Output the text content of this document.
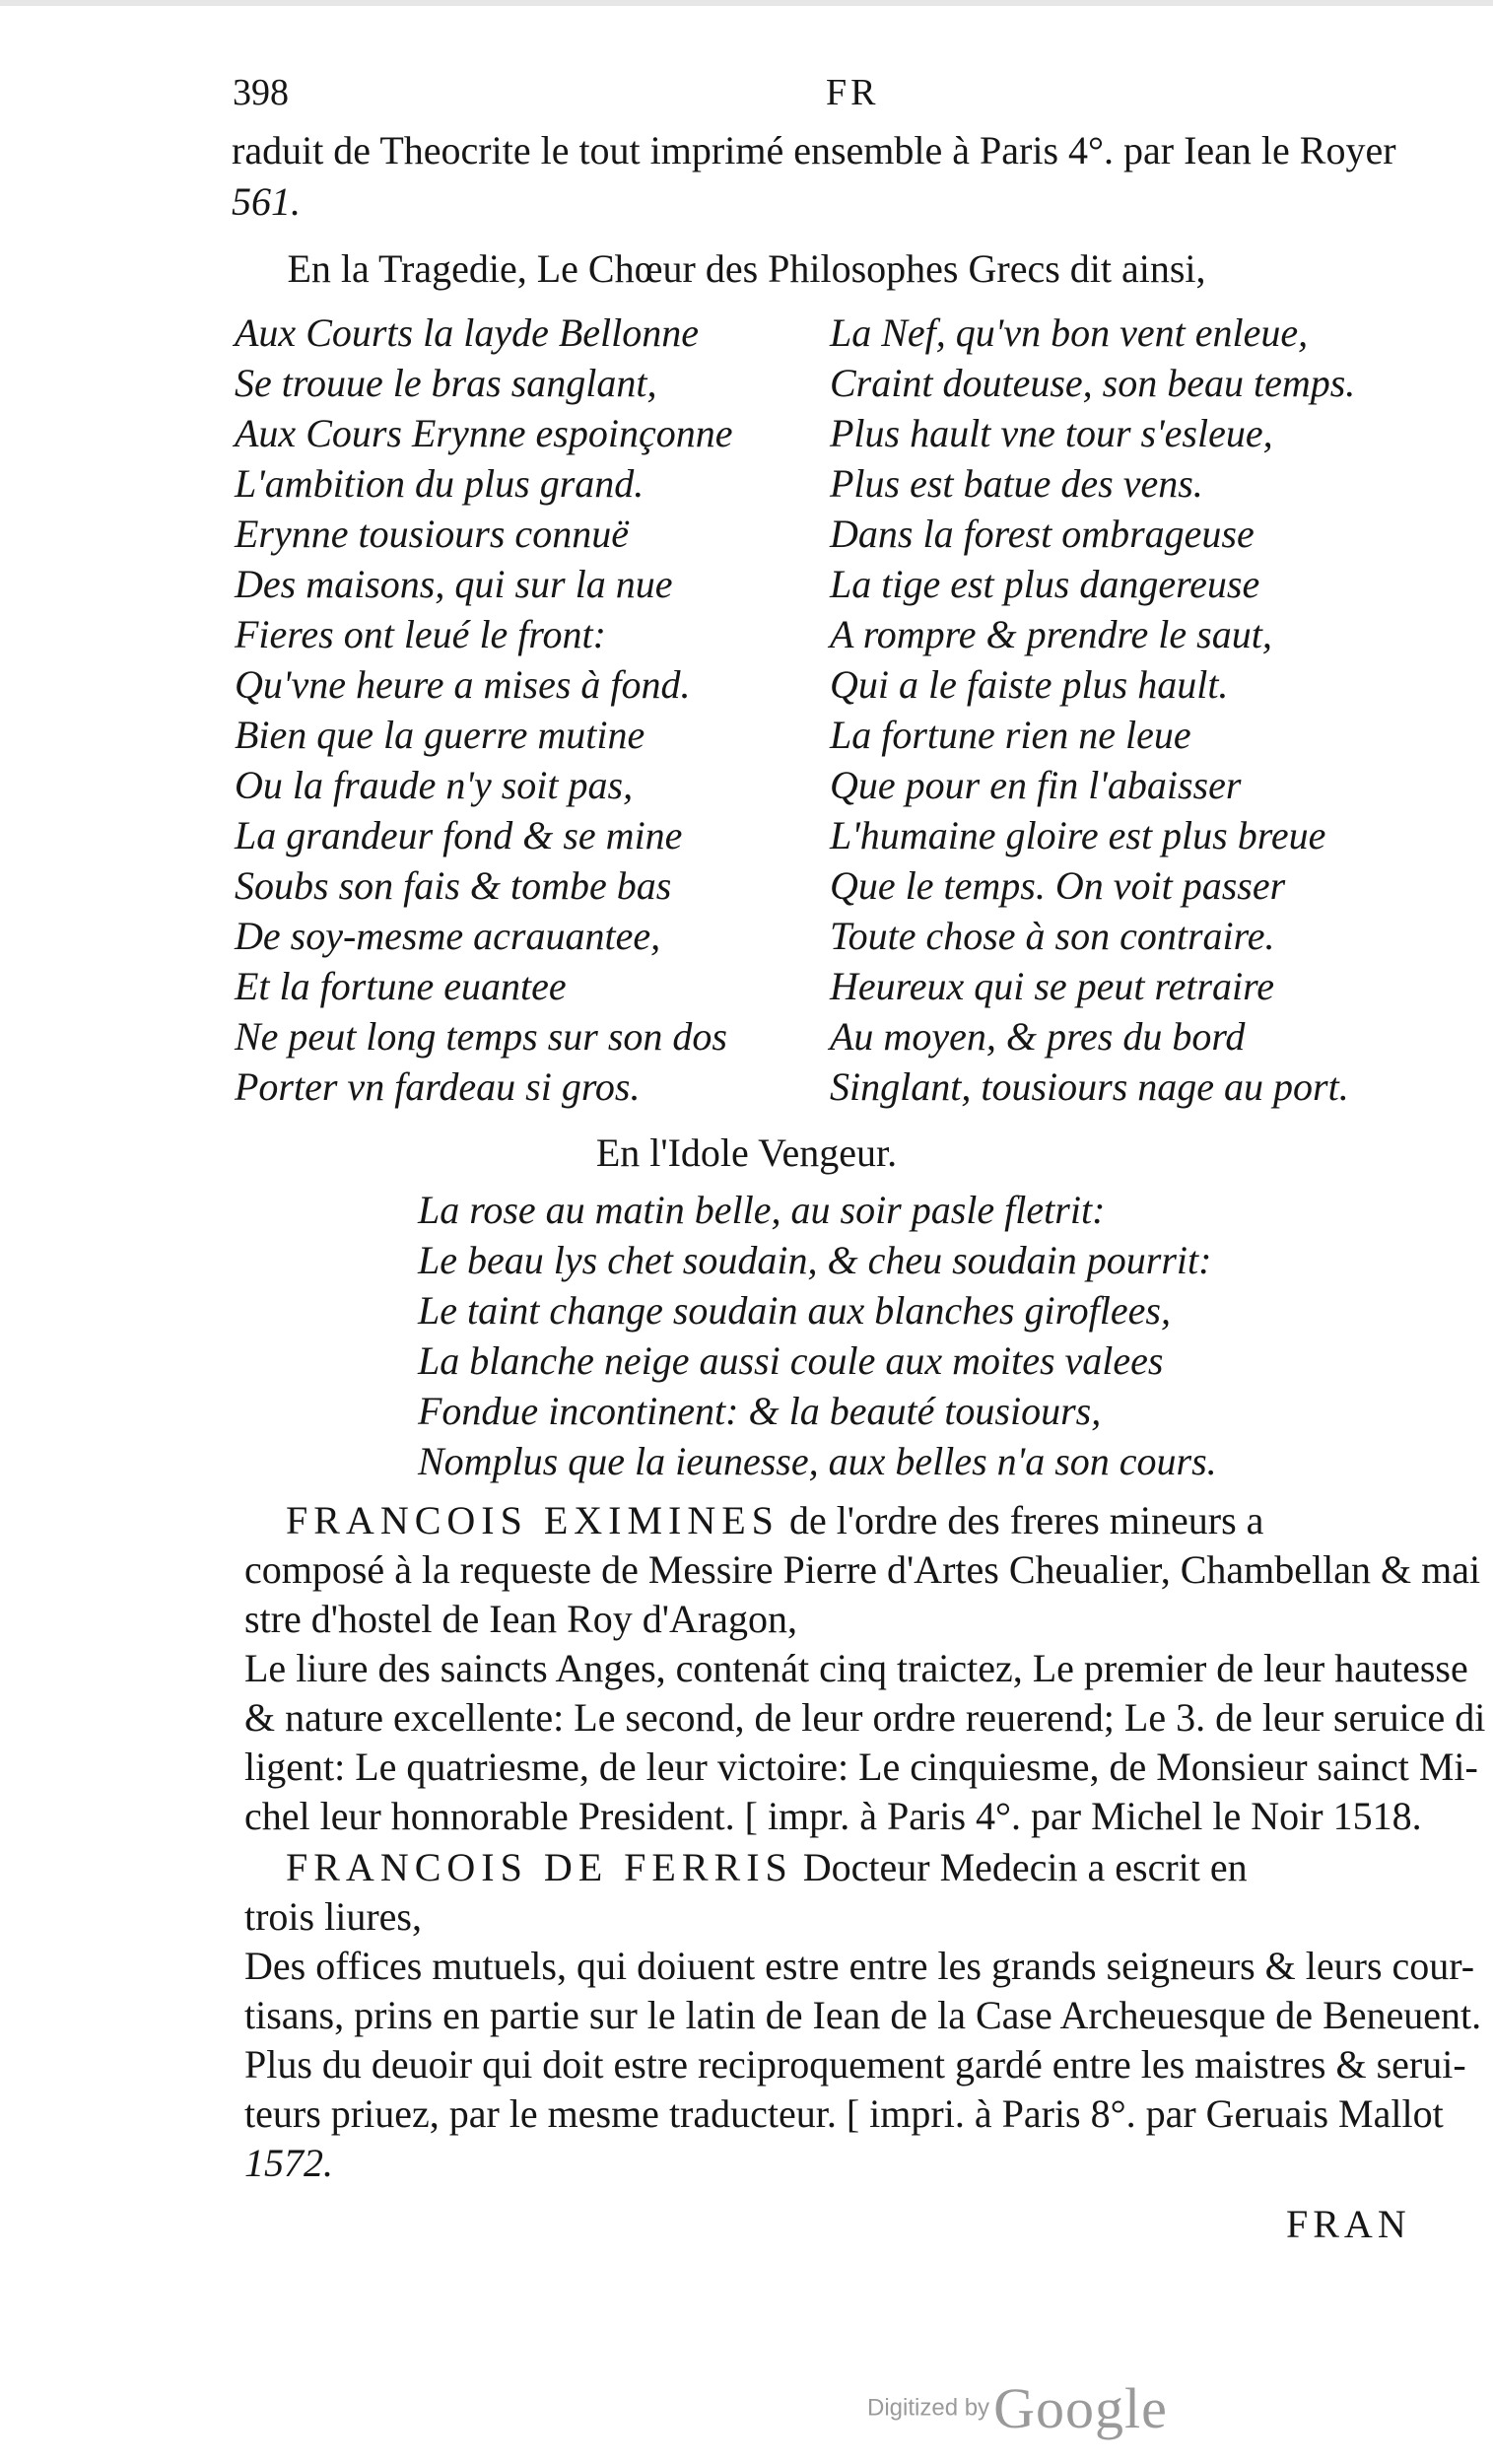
398	FR
raduit de Theocrite le tout imprimé ensemble à Paris 4°. par Iean le Royer
561.
En la Tragedie, Le Chœur des Philosophes Grecs dit ainsi,
Aux Courts la layde Bellonne
Se trouue le bras sanglant,
Aux Cours Erynne espoinçonne
L'ambition du plus grand.
Erynne tousiours connuë
Des maisons, qui sur la nue
Fieres ont leué le front:
Qu'vne heure a mises à fond.
Bien que la guerre mutine
Ou la fraude n'y soit pas,
La grandeur fond & se mine
Soubs son fais & tombe bas
De soy-mesme acrauantee,
Et la fortune euantee
Ne peut long temps sur son dos
Porter vn fardeau si gros.
La Nef, qu'vn bon vent enleue,
Craint douteuse, son beau temps.
Plus hault vne tour s'esleue,
Plus est batue des vens.
Dans la forest ombrageuse
La tige est plus dangereuse
A rompre & prendre le saut,
Qui a le faiste plus hault.
La fortune rien ne leue
Que pour en fin l'abaisser
L'humaine gloire est plus breue
Que le temps. On voit passer
Toute chose à son contraire.
Heureux qui se peut retraire
Au moyen, & pres du bord
Singlant, tousiours nage au port.
En l'Idole Vengeur.
La rose au matin belle, au soir pasle fletrit:
Le beau lys chet soudain, & cheu soudain pourrit:
Le taint change soudain aux blanches giroflees,
La blanche neige aussi coule aux moites valees
Fondue incontinent: & la beauté tousiours,
Nomplus que la ieunesse, aux belles n'a son cours.
FRANCOIS EXIMINES de l'ordre des freres mineurs a
composé à la requeste de Messire Pierre d'Artes Cheualier, Chambellan & mai
stre d'hostel de Iean Roy d'Aragon,
Le liure des saincts Anges, contenát cinq traictez, Le premier de leur hautesse
& nature excellente: Le second, de leur ordre reuerend; Le 3. de leur seruice di
ligent: Le quatriesme, de leur victoire: Le cinquiesme, de Monsieur sainct Mi-
chel leur honnorable President. [ impr. à Paris 4°. par Michel le Noir 1518.
FRANCOIS DE FERRIS Docteur Medecin a escrit en
trois liures,
Des offices mutuels, qui doiuent estre entre les grands seigneurs & leurs cour-
tisans, prins en partie sur le latin de Iean de la Case Archeuesque de Beneuent.
Plus du deuoir qui doit estre reciproquement gardé entre les maistres & serui-
teurs priuez, par le mesme traducteur. [ impri. à Paris 8°. par Geruais Mallot
1572.
FRAN
Digitized by Google
